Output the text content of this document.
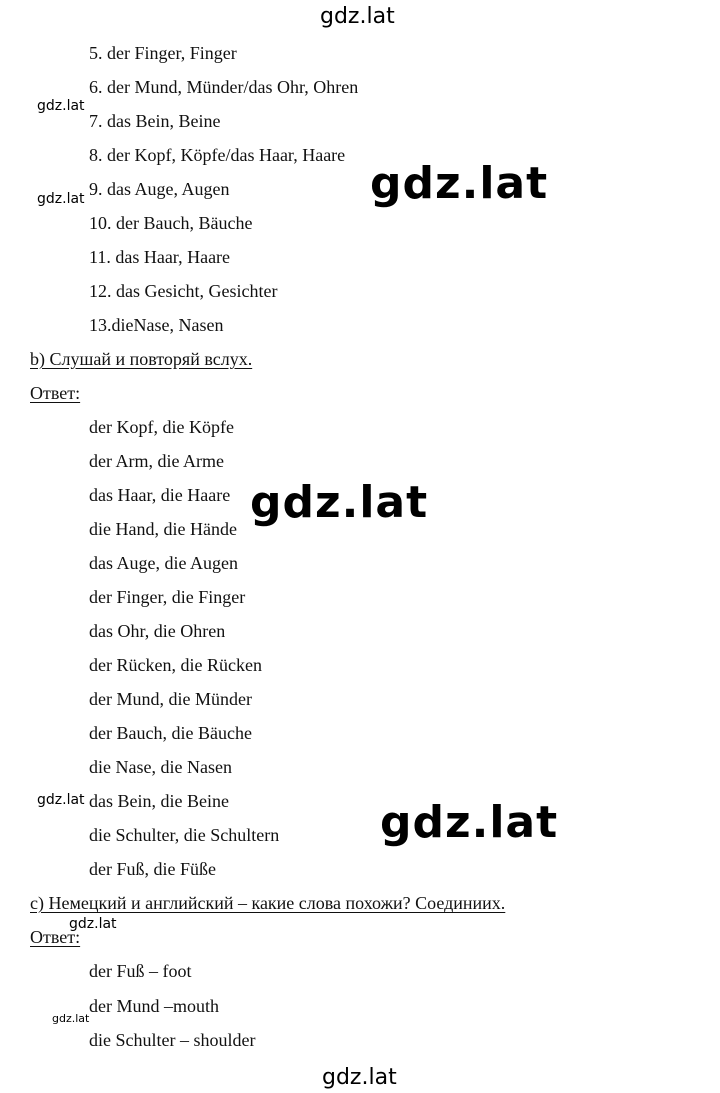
gdz.lat
gdz.lat
gdz.lat	gdz.lat
gdz.lat
gdz.lat	gdz.lat
gdz.lat
gdz.lat
gdz.lat
5. der Finger, Finger
6. der Mund, Münder/das Ohr, Ohren
7. das Bein, Beine
8. der Kopf, Köpfe/das Haar, Haare
9. das Auge, Augen
10. der Bauch, Bäuche
11. das Haar, Haare
12. das Gesicht, Gesichter
13.dieNase, Nasen
b) Слушай и повторяй вслух.
Ответ:
der Kopf, die Köpfe
der Arm, die Arme
das Haar, die Haare
die Hand, die Hände
das Auge, die Augen
der Finger, die Finger
das Ohr, die Ohren
der Rücken, die Rücken
der Mund, die Münder
der Bauch, die Bäuche
die Nase, die Nasen
das Bein, die Beine
die Schulter, die Schultern
der Fuß, die Füße
c) Немецкий и английский – какие слова похожи? Соединиих.
Ответ:
der Fuß – foot
der Mund –mouth
die Schulter – shoulder
